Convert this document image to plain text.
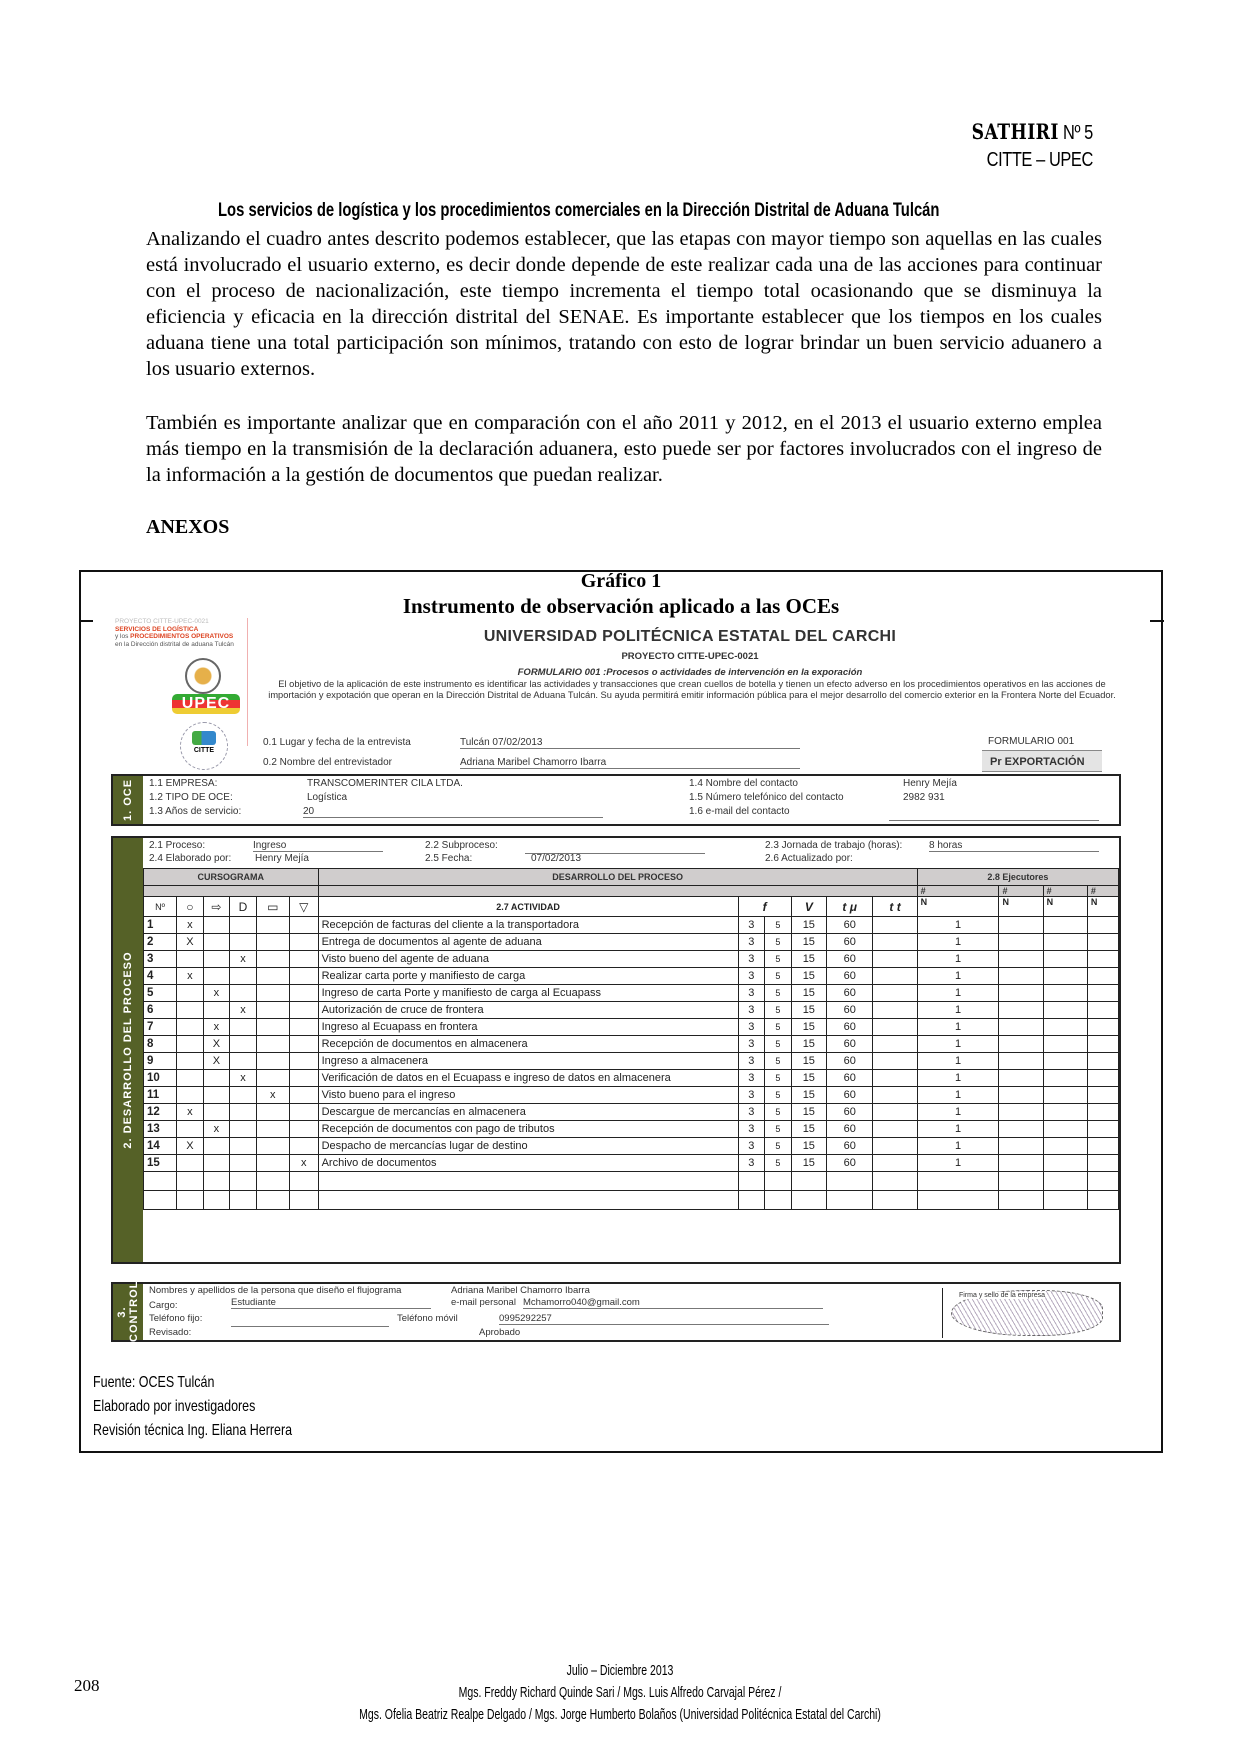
SATHIRI Nº 5
CITTE – UPEC
Los servicios de logística y los procedimientos comerciales en la Dirección Distrital de Aduana Tulcán
Analizando el cuadro antes descrito podemos establecer, que las etapas con mayor tiempo son aquellas en las cuales está involucrado el usuario externo, es decir donde depende de este realizar cada una de las acciones para continuar con el proceso de nacionalización, este tiempo incrementa el tiempo total ocasionando que se disminuya la eficiencia y eficacia en la dirección distrital del SENAE. Es importante establecer que los tiempos en los cuales aduana tiene una total participación son mínimos, tratando con esto de lograr brindar un buen servicio aduanero a los usuario externos.
También es importante analizar que en comparación con el año 2011 y 2012, en el 2013 el usuario externo emplea más tiempo en la transmisión de la declaración aduanera, esto puede ser por factores involucrados con el ingreso de la información a la gestión de documentos que puedan realizar.
ANEXOS
Gráfico 1
Instrumento de observación aplicado a las OCEs
PROYECTO CITTE-UPEC-0021
SERVICIOS DE LOGÍSTICA
y los PROCEDIMIENTOS OPERATIVOS
en la Dirección distrital de aduana Tulcán
UPEC
CITTE
UNIVERSIDAD POLITÉCNICA ESTATAL DEL CARCHI
PROYECTO CITTE-UPEC-0021
FORMULARIO 001 :Procesos o actividades de intervención en la exporación
El objetivo de la aplicación de este instrumento es identificar las actividades y transacciones que crean cuellos de botella y tienen un efecto adverso en los procedimientos operativos en las acciones de importación y expotación que operan en la Dirección Distrital de Aduana Tulcán. Su ayuda permitirá emitir información pública para el mejor desarrollo del comercio exterior en la Frontera Norte del Ecuador.
0.1 Lugar y fecha de la entrevista	Tulcán 07/02/2013
0.2 Nombre del entrevistador	Adriana Maribel Chamorro Ibarra
FORMULARIO 001
Pr EXPORTACIÓN
1. OCE 1.1 EMPRESA:	TRANSCOMERINTER CILA LTDA.
1.2 TIPO DE OCE:	Logística
1.3 Años de servicio:	20
1.4 Nombre del contacto	Henry Mejía
1.5 Número telefónico del contacto	2982 931
1.6 e-mail del contacto
2. DESARROLLO DEL PROCESO
2.1 Proceso:	Ingreso	2.2 Subproceso:	2.3 Jornada de trabajo (horas):	8 horas
2.4 Elaborado por: Henry Mejía	2.5 Fecha:	07/02/2013	2.6 Actualizado por:
CURSOGRAMA						DESARROLLO DEL PROCESO						2.8 Ejecutores			
												#	#	#	#
Nº	○	⇨	D	▭	▽	2.7 ACTIVIDAD	f		V	t μ	t t	N	N	N	N
1	x					Recepción de facturas del cliente a la transportadora	3	5	15	60		1			
2	X					Entrega de documentos al agente de aduana	3	5	15	60		1			
3			x			Visto bueno del agente de aduana	3	5	15	60		1			
4	x					Realizar carta porte y manifiesto de carga	3	5	15	60		1			
5		x				Ingreso de carta Porte y manifiesto de carga al Ecuapass	3	5	15	60		1			
6			x			Autorización de cruce de frontera	3	5	15	60		1			
7		x				Ingreso al Ecuapass en frontera	3	5	15	60		1			
8		X				Recepción de documentos en almacenera	3	5	15	60		1			
9		X				Ingreso a almacenera	3	5	15	60		1			
10			x			Verificación de datos en el Ecuapass e ingreso de datos en almacenera	3	5	15	60		1			
11				x		Visto bueno para el ingreso	3	5	15	60		1			
12	x					Descargue de mercancías en almacenera	3	5	15	60		1			
13		x				Recepción de documentos con pago de tributos	3	5	15	60		1			
14	X					Despacho de mercancías lugar de destino	3	5	15	60		1			
15					x	Archivo de documentos	3	5	15	60		1			

3. CONTROL Nombres y apellidos de la persona que diseño el flujograma	Adriana Maribel Chamorro Ibarra
Cargo:	Estudiante	e-mail personal Mchamorro040@gmail.com
Teléfono fijo:	Teléfono móvil	0995292257
Revisado:	Aprobado
Firma y sello de la empresa
Fuente: OCES Tulcán
Elaborado por investigadores
Revisión técnica Ing. Eliana Herrera
208
Julio – Diciembre 2013
Mgs. Freddy Richard Quinde Sari / Mgs. Luis Alfredo Carvajal Pérez /
Mgs. Ofelia Beatriz Realpe Delgado / Mgs. Jorge Humberto Bolaños (Universidad Politécnica Estatal del Carchi)
